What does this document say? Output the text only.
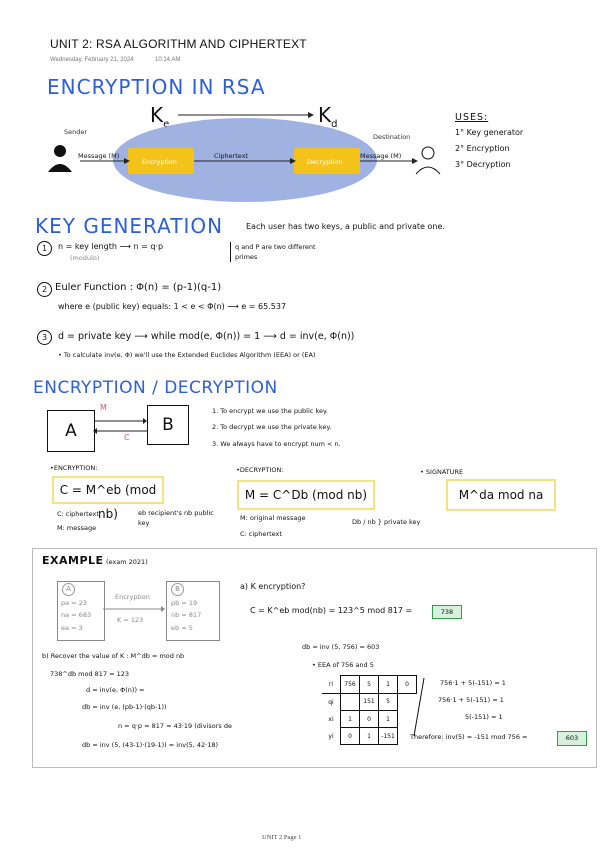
UNIT 2: RSA ALGORITHM AND CIPHERTEXT
Wednesday, February 21, 2024	10:14 AM
ENCRYPTION IN RSA
$K_e$	$K_d$
Sender
Destination
Message (M)	Message (M)
Encryption	Decryption
Ciphertext
USES:
1° Key generator
2° Encryption
3° Decryption
KEY GENERATION	Each user has two keys, a public and private one.
1	n = key length ⟶ n = q·p
(modulo)
q and P are two different primes
2 Euler Function : Φ(n) = (p-1)(q-1)
where e (public key) equals: 1 < e < Φ(n) ⟶ e = 65.537
3	d = private key ⟶ while mod(e, Φ(n)) = 1 ⟶ d = inv(e, Φ(n))
• To calculate inv(e, Φ) we'll use the Extended Euclides Algorithm (EEA) or (EA)
ENCRYPTION / DECRYPTION
A	B
M
C
1. To encrypt we use the public key.
2. To decrypt we use the private key.
3. We always have to encrypt num < n.
•ENCRYPTION:
C = M^eb (mod nb)
C: ciphertext
M: message
eb recipient's nb public key
•DECRYPTION:
M = C^Db (mod nb)
M: original message
C: ciphertext
Db / nb } private key
• SIGNATURE
M^da mod na
EXAMPLE (exam 2021)
A
pa = 23
na = 683
ea = 3
Encryption
K = 123
B
pb = 19
nb = 817
eb = 5
a) K encryption?
C = K^eb mod(nb) = 123^5 mod 817 =	738
b) Recover the value of K : M^db = mod nb
738^db mod 817 = 123
d = inv(e, Φ(n)) =
db = inv (e, (pb-1)·(qb-1))
n = q·p = 817 = 43·19 (divisors de
db = inv (5, (43-1)·(19-1)) = inv(5, 42·18)
db = inv (5, 756) = 603
• EEA of 756 and 5
ri	756	5	1	0
qi		151	5	
xi	1	0	1	
yi	0	1	-151	
756·1 + 5(-151) = 1
756·1 + 5(-151) = 1
5(-151) = 1
Therefore: inv(5) = -151 mod 756 =	603
UNIT 2 Page 1
